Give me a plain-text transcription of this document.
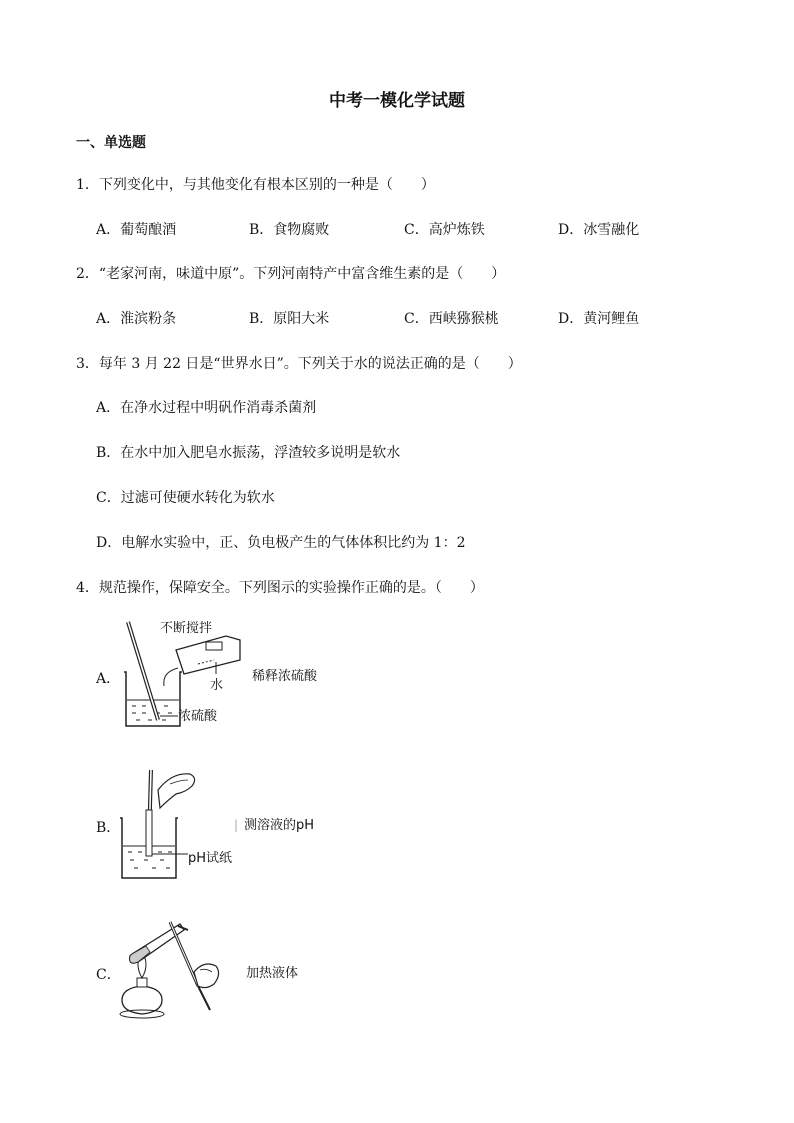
中考一模化学试题
一、单选题
1．下列变化中，与其他变化有根本区别的一种是（　　）
A．葡萄酿酒	B．食物腐败	C．高炉炼铁	D．冰雪融化
2．“老家河南，味道中原”。下列河南特产中富含维生素的是（　　）
A．淮滨粉条	B．原阳大米	C．西峡猕猴桃	D．黄河鲤鱼
3．每年 3 月 22 日是“世界水日”。下列关于水的说法正确的是（　　）
A．在净水过程中明矾作消毒杀菌剂
B．在水中加入肥皂水振荡，浮渣较多说明是软水
C．过滤可使硬水转化为软水
D．电解水实验中，正、负电极产生的气体体积比约为 1：2
4．规范操作，保障安全。下列图示的实验操作正确的是。（　　）
A．
B．
C．
不断搅拌
水
浓硫酸
稀释浓硫酸
pH试纸
| 测溶液的pH
加热液体
